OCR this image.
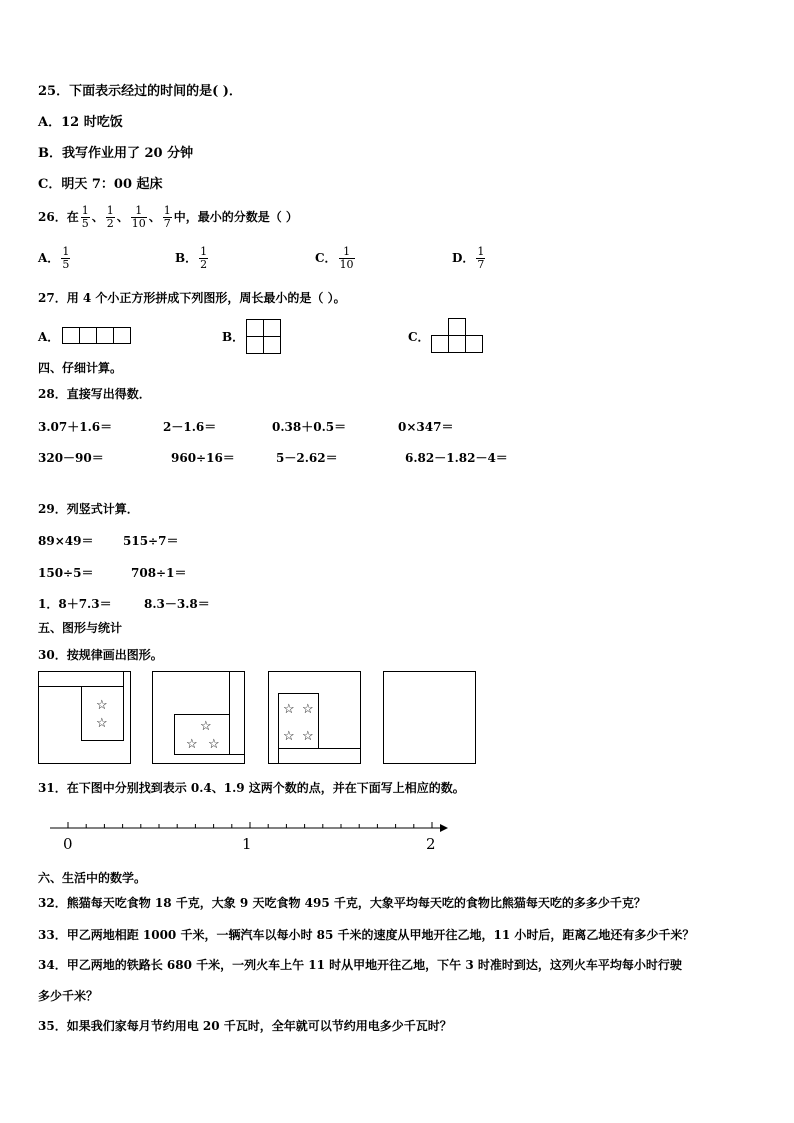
25．下面表示经过的时间的是( )．
A．12 时吃饭
B．我写作业用了 20 分钟
C．明天 7：00 起床
26．在 $\frac{1}{5}$ 、 $\frac{1}{2}$ 、 $\frac{1}{10}$ 、 $\frac{1}{7}$ 中，最小的分数是（ ）
A． $\frac{1}{5}$	B． $\frac{1}{2}$	C． $\frac{1}{10}$	D． $\frac{1}{7}$
27．用 4 个小正方形拼成下列图形，周长最小的是（ ）。
A．	B．	C．
四、仔细计算。
28．直接写出得数．
3.07＋1.6＝	2－1.6＝	0.38＋0.5＝	0×347＝
320－90＝	960÷16＝	5－2.62＝	6.82－1.82－4＝
29．列竖式计算．
89×49＝ 515÷7＝
150÷5＝	708÷1＝
1．8＋7.3＝	8.3－3.8＝
五、图形与统计
30．按规律画出图形。
☆
☆	☆
☆ ☆
☆ ☆
☆ ☆
31．在下图中分别找到表示 0.4、1.9 这两个数的点，并在下面写上相应的数。
0	1	2
六、生活中的数学。
32．熊猫每天吃食物 18 千克，大象 9 天吃食物 495 千克，大象平均每天吃的食物比熊猫每天吃的多多少千克？
33．甲乙两地相距 1000 千米，一辆汽车以每小时 85 千米的速度从甲地开往乙地，11 小时后，距离乙地还有多少千米？
34．甲乙两地的铁路长 680 千米，一列火车上午 11 时从甲地开往乙地，下午 3 时准时到达，这列火车平均每小时行驶
多少千米？
35．如果我们家每月节约用电 20 千瓦时，全年就可以节约用电多少千瓦时？
